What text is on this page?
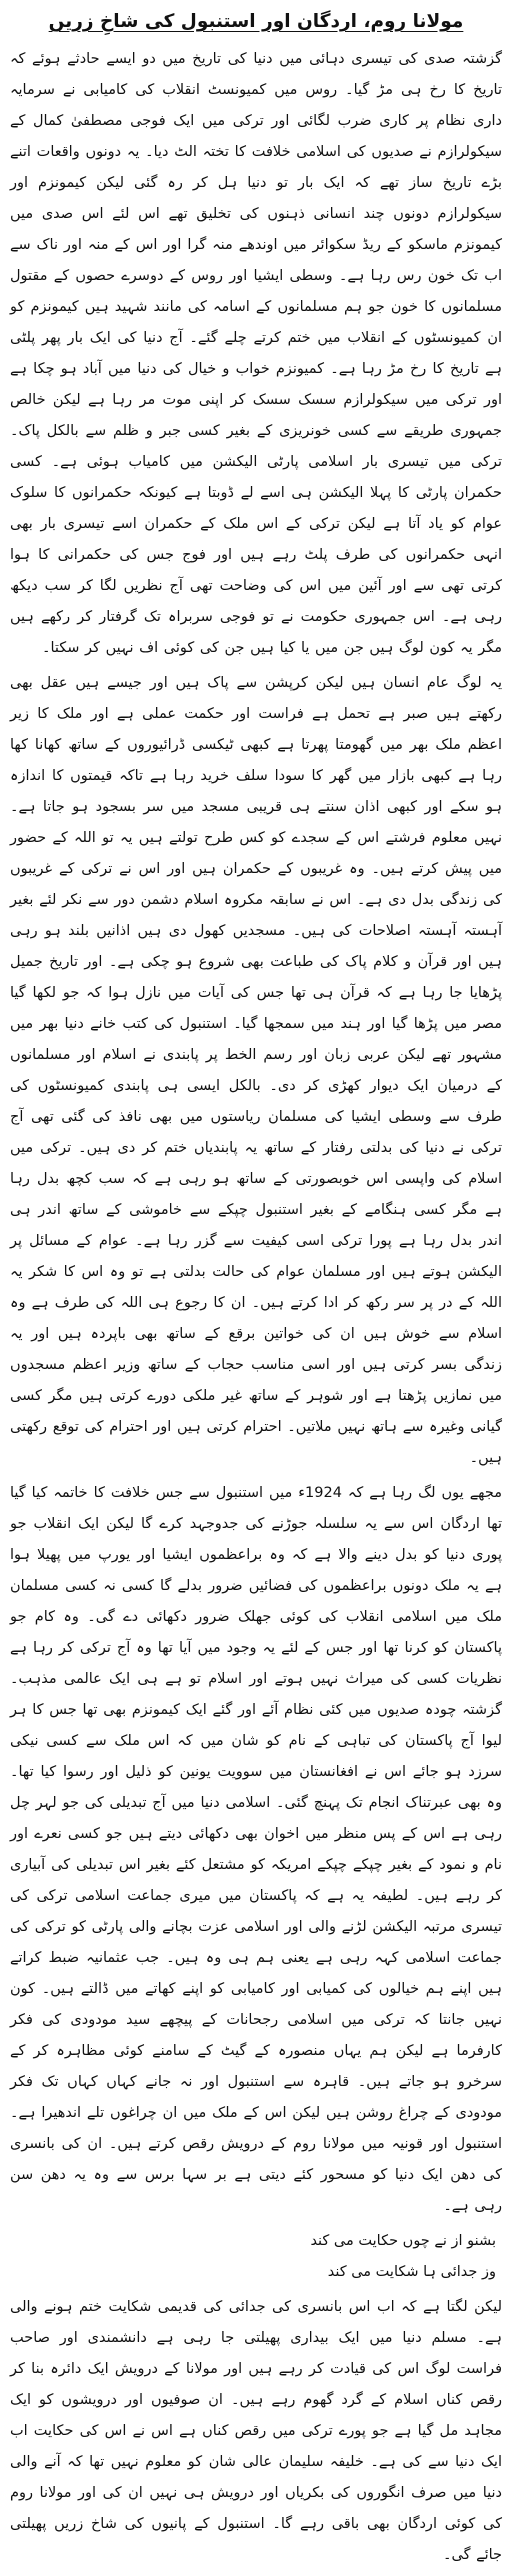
مولانا روم، اردگان اور استنبول کی شاخِ زریں

گزشتہ صدی کی تیسری دہائی میں دنیا کی تاریخ میں دو ایسے حادثے ہوئے کہ تاریخ کا رخ ہی مڑ گیا۔ روس میں کمیونسٹ انقلاب کی کامیابی نے سرمایہ داری نظام پر کاری ضرب لگائی اور ترکی میں ایک فوجی مصطفیٰ کمال کے سیکولرازم نے صدیوں کی اسلامی خلافت کا تختہ الٹ دیا۔ یہ دونوں واقعات اتنے بڑے تاریخ ساز تھے کہ ایک بار تو دنیا ہل کر رہ گئی لیکن کیمونزم اور سیکولرازم دونوں چند انسانی ذہنوں کی تخلیق تھے اس لئے اس صدی میں کیمونزم ماسکو کے ریڈ سکوائر میں اوندھے منہ گرا اور اس کے منہ اور ناک سے اب تک خون رس رہا ہے۔ وسطی ایشیا اور روس کے دوسرے حصوں کے مقتول مسلمانوں کا خون جو ہم مسلمانوں کے اسامہ کی مانند شہید ہیں کیمونزم کو ان کمیونسٹوں کے انقلاب میں ختم کرتے چلے گئے۔ آج دنیا کی ایک بار پھر پلٹی ہے تاریخ کا رخ مڑ رہا ہے۔ کمیونزم خواب و خیال کی دنیا میں آباد ہو چکا ہے اور ترکی میں سیکولرازم سسک سسک کر اپنی موت مر رہا ہے لیکن خالص جمہوری طریقے سے کسی خونریزی کے بغیر کسی جبر و ظلم سے بالکل پاک۔ ترکی میں تیسری بار اسلامی پارٹی الیکشن میں کامیاب ہوئی ہے۔ کسی حکمران پارٹی کا پہلا الیکشن ہی اسے لے ڈوبتا ہے کیونکہ حکمرانوں کا سلوک عوام کو یاد آتا ہے لیکن ترکی کے اس ملک کے حکمران اسے تیسری بار بھی انہی حکمرانوں کی طرف پلٹ رہے ہیں اور فوج جس کی حکمرانی کا ہوا کرتی تھی سے اور آئین میں اس کی وضاحت تھی آج نظریں لگا کر سب دیکھ رہی ہے۔ اس جمہوری حکومت نے تو فوجی سربراہ تک گرفتار کر رکھے ہیں مگر یہ کون لوگ ہیں جن میں یا کیا ہیں جن کی کوئی اف نہیں کر سکتا۔

یہ لوگ عام انسان ہیں لیکن کرپشن سے پاک ہیں اور جیسے ہیں عقل بھی رکھتے ہیں صبر ہے تحمل ہے فراست اور حکمت عملی ہے اور ملک کا زیر اعظم ملک بھر میں گھومتا پھرتا ہے کبھی ٹیکسی ڈرائیوروں کے ساتھ کھانا کھا رہا ہے کبھی بازار میں گھر کا سودا سلف خرید رہا ہے تاکہ قیمتوں کا اندازہ ہو سکے اور کبھی اذان سنتے ہی قریبی مسجد میں سر بسجود ہو جاتا ہے۔ نہیں معلوم فرشتے اس کے سجدے کو کس طرح تولتے ہیں یہ تو اللہ کے حضور میں پیش کرتے ہیں۔ وہ غریبوں کے حکمران ہیں اور اس نے ترکی کے غریبوں کی زندگی بدل دی ہے۔ اس نے سابقہ مکروہ اسلام دشمن دور سے نکر لئے بغیر آہستہ آہستہ اصلاحات کی ہیں۔ مسجدیں کھول دی ہیں اذانیں بلند ہو رہی ہیں اور قرآن و کلام پاک کی طباعت بھی شروع ہو چکی ہے۔ اور تاریخ جمیل پڑھایا جا رہا ہے کہ قرآن ہی تھا جس کی آیات میں نازل ہوا کہ جو لکھا گیا مصر میں پڑھا گیا اور ہند میں سمجھا گیا۔ استنبول کی کتب خانے دنیا بھر میں مشہور تھے لیکن عربی زبان اور رسم الخط پر پابندی نے اسلام اور مسلمانوں کے درمیان ایک دیوار کھڑی کر دی۔ بالکل ایسی ہی پابندی کمیونسٹوں کی طرف سے وسطی ایشیا کی مسلمان ریاستوں میں بھی نافذ کی گئی تھی آج ترکی نے دنیا کی بدلتی رفتار کے ساتھ یہ پابندیاں ختم کر دی ہیں۔ ترکی میں اسلام کی واپسی اس خوبصورتی کے ساتھ ہو رہی ہے کہ سب کچھ بدل رہا ہے مگر کسی ہنگامے کے بغیر استنبول چپکے سے خاموشی کے ساتھ اندر ہی اندر بدل رہا ہے پورا ترکی اسی کیفیت سے گزر رہا ہے۔ عوام کے مسائل پر الیکشن ہوتے ہیں اور مسلمان عوام کی حالت بدلتی ہے تو وہ اس کا شکر یہ اللہ کے در پر سر رکھ کر ادا کرتے ہیں۔ ان کا رجوع ہی اللہ کی طرف ہے وہ اسلام سے خوش ہیں ان کی خواتین برقع کے ساتھ بھی باپردہ ہیں اور یہ زندگی بسر کرتی ہیں اور اسی مناسب حجاب کے ساتھ وزیر اعظم مسجدوں میں نمازیں پڑھتا ہے اور شوہر کے ساتھ غیر ملکی دورے کرتی ہیں مگر کسی گیانی وغیرہ سے ہاتھ نہیں ملاتیں۔ احترام کرتی ہیں اور احترام کی توقع رکھتی ہیں۔

مجھے یوں لگ رہا ہے کہ 1924ء میں استنبول سے جس خلافت کا خاتمہ کیا گیا تھا اردگان اس سے یہ سلسلہ جوڑنے کی جدوجہد کرے گا لیکن ایک انقلاب جو پوری دنیا کو بدل دینے والا ہے کہ وہ براعظموں ایشیا اور یورپ میں پھیلا ہوا ہے یہ ملک دونوں براعظموں کی فضائیں ضرور بدلے گا کسی نہ کسی مسلمان ملک میں اسلامی انقلاب کی کوئی جھلک ضرور دکھائی دے گی۔ وہ کام جو پاکستان کو کرنا تھا اور جس کے لئے یہ وجود میں آیا تھا وہ آج ترکی کر رہا ہے نظریات کسی کی میراث نہیں ہوتے اور اسلام تو ہے ہی ایک عالمی مذہب۔ گزشتہ چودہ صدیوں میں کئی نظام آئے اور گئے ایک کیمونزم بھی تھا جس کا ہر لیوا آج پاکستان کی تباہی کے نام کو شان میں کہ اس ملک سے کسی نیکی سرزد ہو جائے اس نے افغانستان میں سوویت یونین کو ذلیل اور رسوا کیا تھا۔ وہ بھی عبرتناک انجام تک پہنچ گئی۔ اسلامی دنیا میں آج تبدیلی کی جو لہر چل رہی ہے اس کے پس منظر میں اخوان بھی دکھائی دیتے ہیں جو کسی نعرے اور نام و نمود کے بغیر چپکے چپکے امریکہ کو مشتعل کئے بغیر اس تبدیلی کی آبیاری کر رہے ہیں۔ لطیفہ یہ ہے کہ پاکستان میں میری جماعت اسلامی ترکی کی تیسری مرتبہ الیکشن لڑنے والی اور اسلامی عزت بچانے والی پارٹی کو ترکی کی جماعت اسلامی کہہ رہی ہے یعنی ہم ہی وہ ہیں۔ جب عثمانیہ ضبط کراتے ہیں اپنے ہم خیالوں کی کمیابی اور کامیابی کو اپنے کھاتے میں ڈالتے ہیں۔ کون نہیں جانتا کہ ترکی میں اسلامی رجحانات کے پیچھے سید مودودی کی فکر کارفرما ہے لیکن ہم یہاں منصورہ کے گیٹ کے سامنے کوئی مظاہرہ کر کے سرخرو ہو جاتے ہیں۔ قاہرہ سے استنبول اور نہ جانے کہاں کہاں تک فکر مودودی کے چراغ روشن ہیں لیکن اس کے ملک میں ان چراغوں تلے اندھیرا ہے۔ استنبول اور قونیہ میں مولانا روم کے درویش رقص کرتے ہیں۔ ان کی بانسری کی دھن ایک دنیا کو مسحور کئے دیتی ہے بر سہا برس سے وہ یہ دھن سن رہی ہے۔

بشنو از نے چوں حکایت می کند

وز جدائی ہا شکایت می کند

لیکن لگتا ہے کہ اب اس بانسری کی جدائی کی قدیمی شکایت ختم ہونے والی ہے۔ مسلم دنیا میں ایک بیداری پھیلتی جا رہی ہے دانشمندی اور صاحب فراست لوگ اس کی قیادت کر رہے ہیں اور مولانا کے درویش ایک دائرہ بنا کر رقص کناں اسلام کے گرد گھوم رہے ہیں۔ ان صوفیوں اور درویشوں کو ایک مجاہد مل گیا ہے جو پورے ترکی میں رقص کناں ہے اس نے اس کی حکایت اب ایک دنیا سے کی ہے۔ خلیفہ سلیمان عالی شان کو معلوم نہیں تھا کہ آنے والی دنیا میں صرف انگوروں کی بکریاں اور درویش ہی نہیں ان کی اور مولانا روم کی کوئی اردگان بھی باقی رہے گا۔ استنبول کے پانیوں کی شاخ زریں پھیلتی جائے گی۔
